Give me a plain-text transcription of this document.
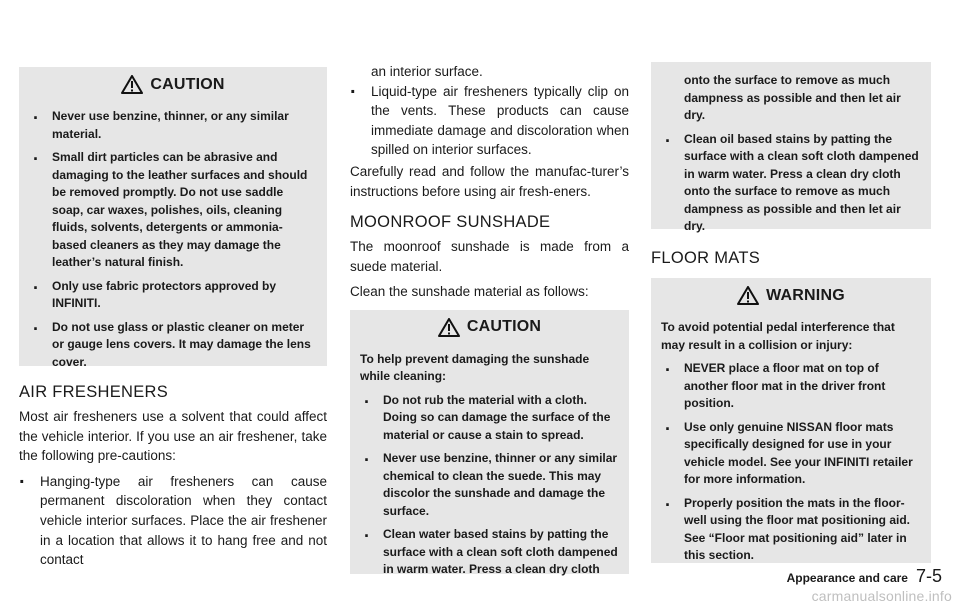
CAUTION
. Never use benzine, thinner, or any similar material.
. Small dirt particles can be abrasive and damaging to the leather surfaces and should be removed promptly. Do not use saddle soap, car waxes, polishes, oils, cleaning fluids, solvents, detergents or ammonia-based cleaners as they may damage the leather’s natural finish.
. Only use fabric protectors approved by INFINITI.
. Do not use glass or plastic cleaner on meter or gauge lens covers. It may damage the lens cover.
AIR FRESHENERS

Most air fresheners use a solvent that could affect the vehicle interior. If you use an air freshener, take the following pre-cautions:

. Hanging-type air fresheners can cause permanent discoloration when they contact vehicle interior surfaces. Place the air freshener in a location that allows it to hang free and not contact

an interior surface.

. Liquid-type air fresheners typically clip on the vents. These products can cause immediate damage and discoloration when spilled on interior surfaces.

Carefully read and follow the manufac-turer’s instructions before using air fresh-eners.

MOONROOF SUNSHADE

The moonroof sunshade is made from a suede material.

Clean the sunshade material as follows:

CAUTION

To help prevent damaging the sunshade while cleaning:

. Do not rub the material with a cloth. Doing so can damage the surface of the material or cause a stain to spread.
. Never use benzine, thinner or any similar chemical to clean the suede. This may discolor the sunshade and damage the surface.
. Clean water based stains by patting the surface with a clean soft cloth dampened in warm water. Press a clean dry cloth

onto the surface to remove as much dampness as possible and then let air dry.

. Clean oil based stains by patting the surface with a clean soft cloth dampened in warm water. Press a clean dry cloth onto the surface to remove as much dampness as possible and then let air dry.
FLOOR MATS
WARNING

To avoid potential pedal interference that may result in a collision or injury:

. NEVER place a floor mat on top of another floor mat in the driver front position.
. Use only genuine NISSAN floor mats specifically designed for use in your vehicle model. See your INFINITI retailer for more information.
. Properly position the mats in the floor-well using the floor mat positioning aid. See “Floor mat positioning aid” later in this section.
Appearance and care 7-5
carmanualsonline.info
